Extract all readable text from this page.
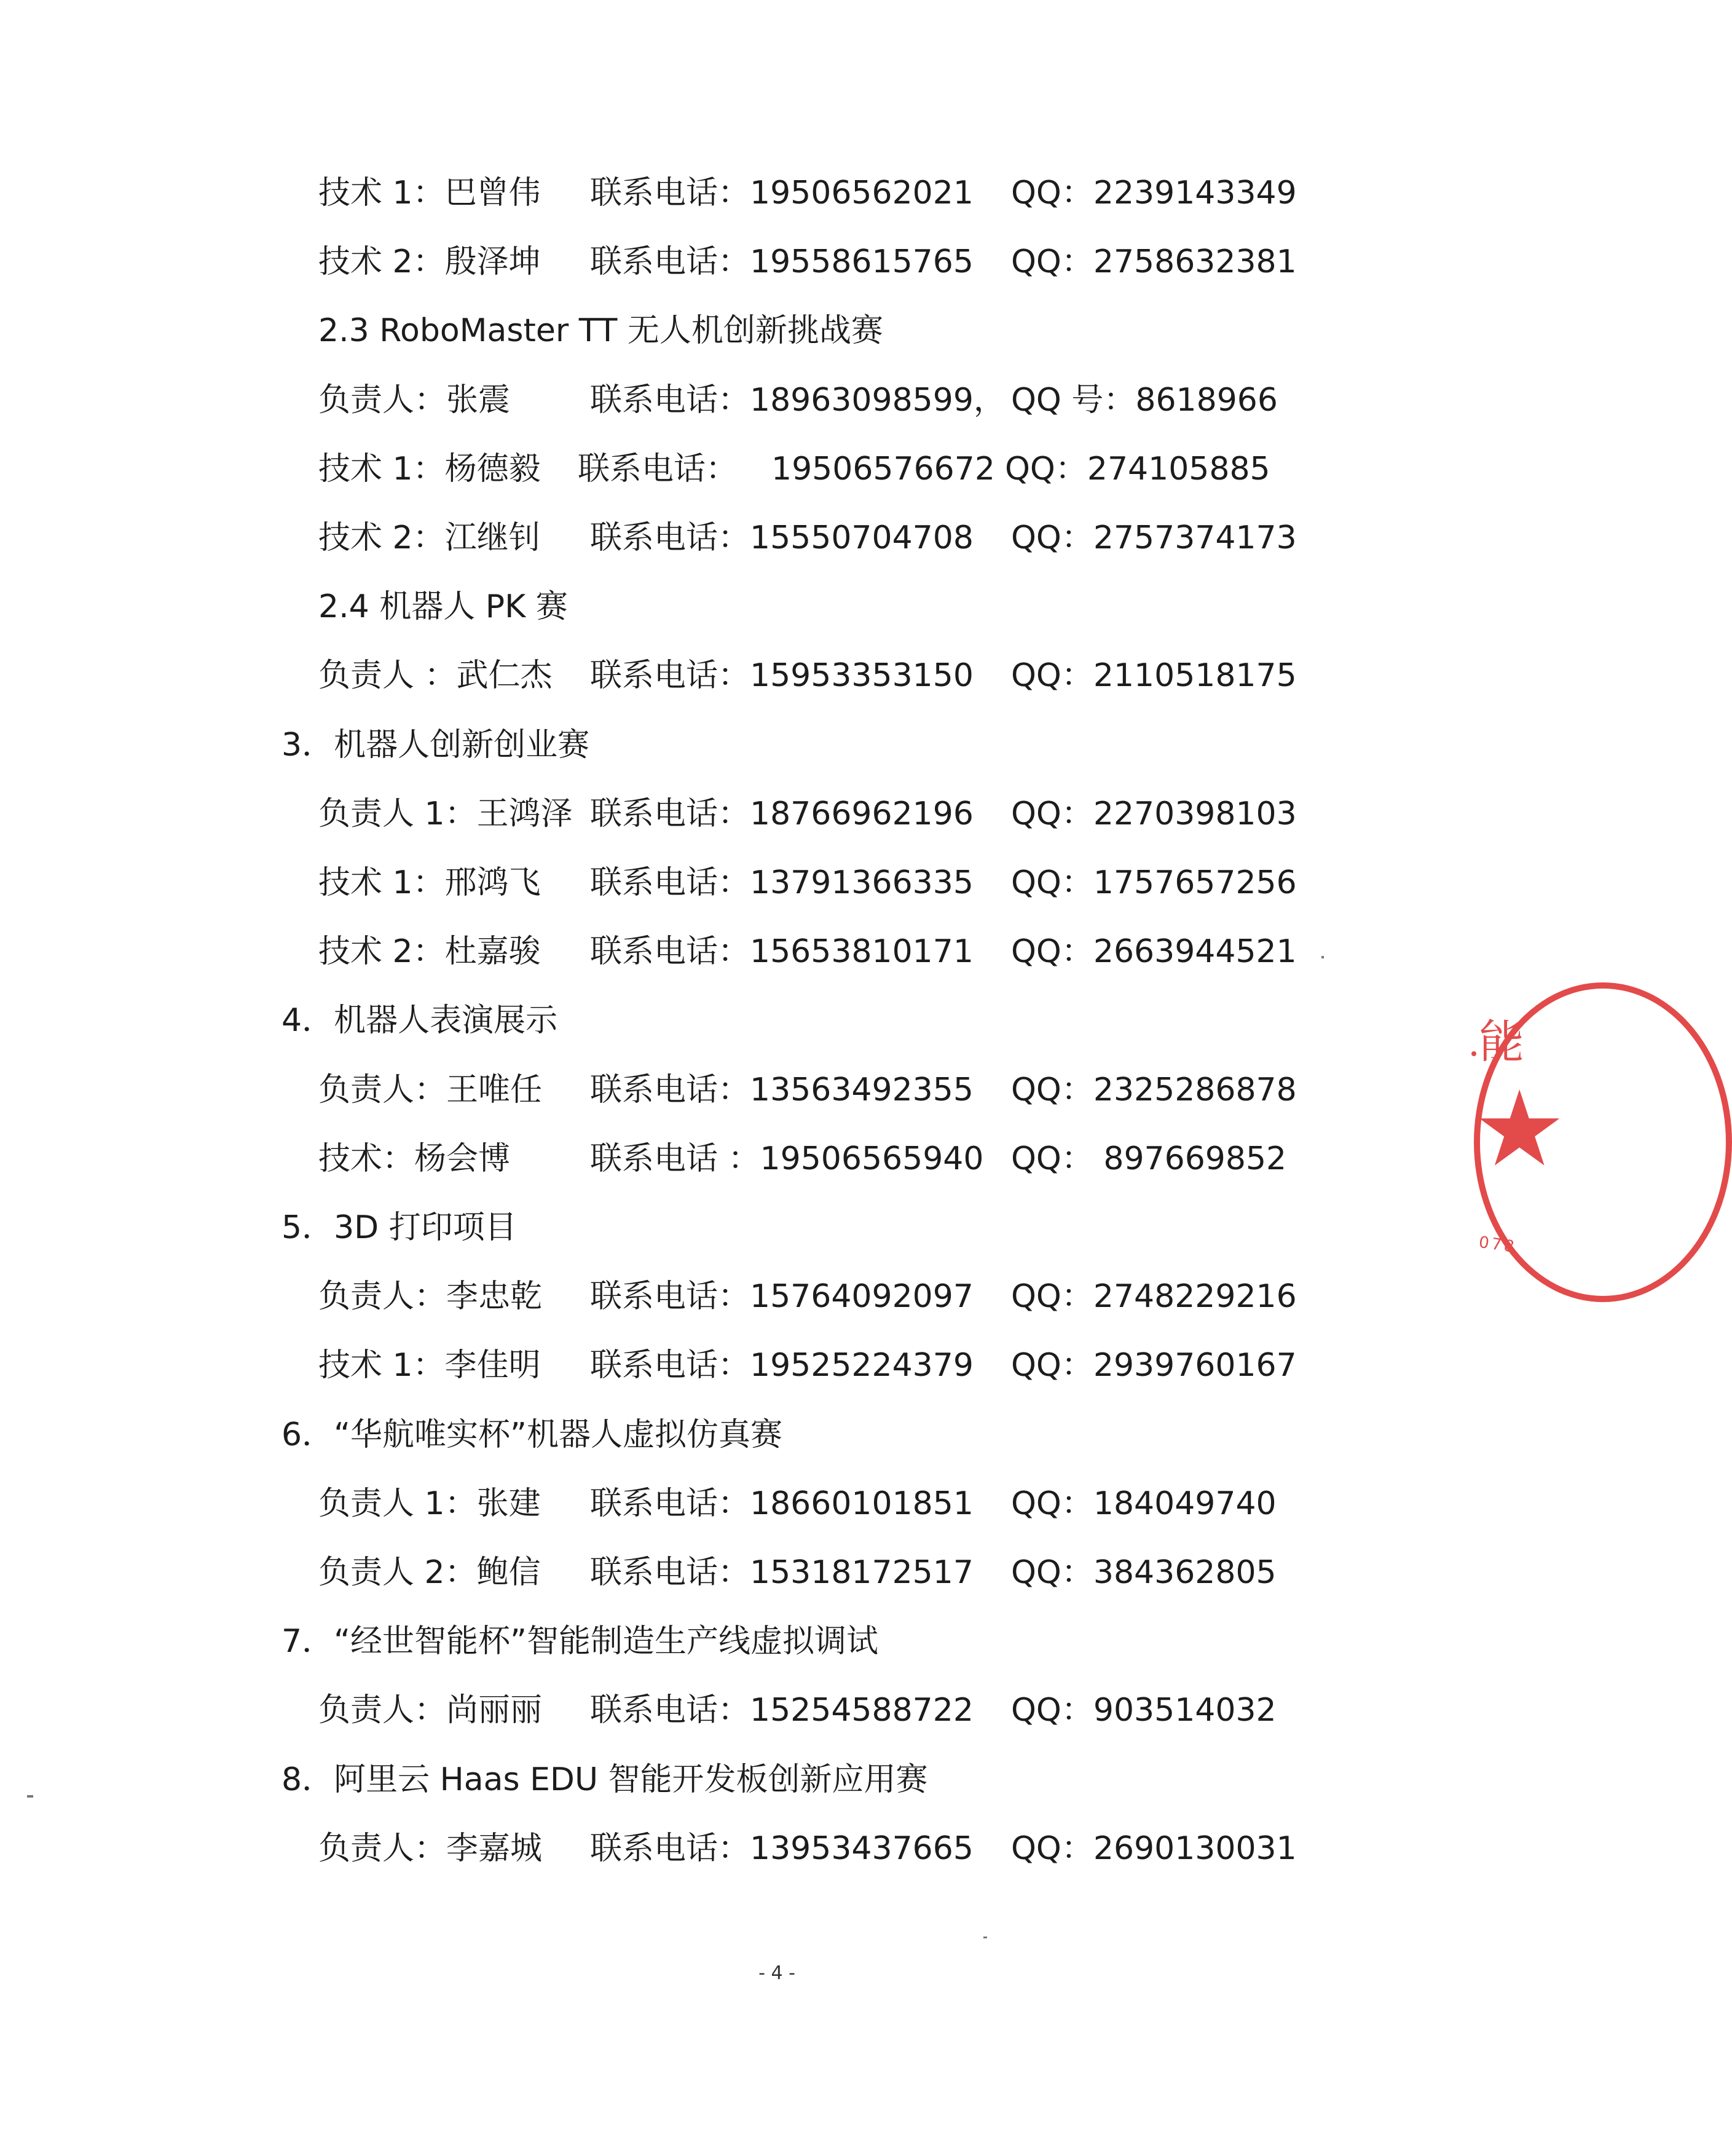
技术 1：巴曾伟 联系电话：19506562021 QQ：2239143349
技术 2：殷泽坤 联系电话：19558615765 QQ：2758632381
2.3 RoboMaster TT 无人机创新挑战赛
负责人：张震 联系电话：18963098599， QQ 号：8618966
技术 1：杨德毅 联系电话： 19506576672 QQ：274105885
技术 2：江继钊 联系电话：15550704708 QQ：2757374173
2.4 机器人 PK 赛
负责人 ：武仁杰 联系电话：15953353150 QQ：2110518175
3．机器人创新创业赛
负责人 1：王鸿泽 联系电话：18766962196 QQ：2270398103
技术 1：邢鸿飞 联系电话：13791366335 QQ：1757657256
技术 2：杜嘉骏 联系电话：15653810171 QQ：2663944521
4．机器人表演展示
负责人：王唯任 联系电话：13563492355 QQ：2325286878
技术：杨会博 联系电话 ：19506565940 QQ： 897669852
5．3D 打印项目
负责人：李忠乾 联系电话：15764092097 QQ：2748229216
技术 1：李佳明 联系电话：19525224379 QQ：2939760167
6．“华航唯实杯”机器人虚拟仿真赛
负责人 1：张建 联系电话：18660101851 QQ：184049740
负责人 2：鲍信 联系电话：15318172517 QQ：384362805
7．“经世智能杯”智能制造生产线虚拟调试
负责人：尚丽丽 联系电话：15254588722 QQ：903514032
8．阿里云 Haas EDU 智能开发板创新应用赛
负责人：李嘉城 联系电话：13953437665 QQ：2690130031
- 4 -
能
★
078
